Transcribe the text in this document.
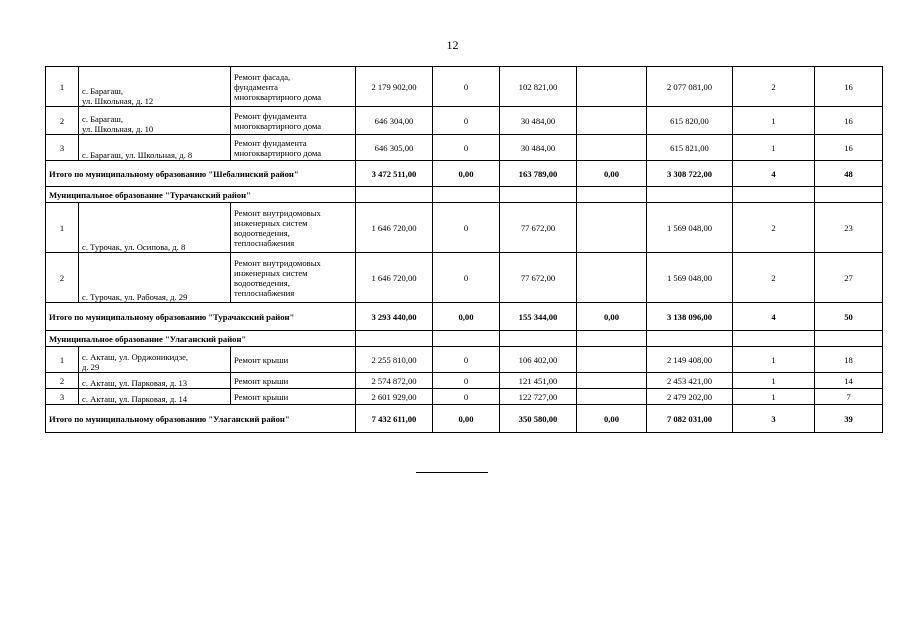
12
1	с. Барагаш,
ул. Школьная, д. 12	Ремонт фасада,
фундамента
многоквартирного дома	2 179 902,00	0	102 821,00		2 077 081,00	2	16
2	с. Барагаш,
ул. Школьная, д. 10	Ремонт фундамента
многоквартирного дома	646 304,00	0	30 484,00		615 820,00	1	16
3	с. Барагаш, ул. Школьная, д. 8	Ремонт фундамента
многоквартирного дома	646 305,00	0	30 484,00		615 821,00	1	16
Итого по муниципальному образованию "Шебалинский район"			3 472 511,00	0,00	163 789,00	0,00	3 308 722,00	4	48
Муниципальное образование "Турачакский район"									
1	с. Турочак, ул. Осипова, д. 8	Ремонт внутридомовых
инженерных систем
водоотведения,
теплоснабжения	1 646 720,00	0	77 672,00		1 569 048,00	2	23
2	с. Турочак, ул. Рабочая, д. 29	Ремонт внутридомовых
инженерных систем
водоотведения,
теплоснабжения	1 646 720,00	0	77 672,00		1 569 048,00	2	27
Итого по муниципальному образованию "Турачакский район"			3 293 440,00	0,00	155 344,00	0,00	3 138 096,00	4	50
Муниципальное образование "Улаганский район"									
1	с. Акташ, ул. Орджоникидзе,
д. 29	Ремонт крыши	2 255 810,00	0	106 402,00		2 149 408,00	1	18
2	с. Акташ, ул. Парковая, д. 13	Ремонт крыши	2 574 872,00	0	121 451,00		2 453 421,00	1	14
3	с. Акташ, ул. Парковая, д. 14	Ремонт крыши	2 601 929,00	0	122 727,00		2 479 202,00	1	7
Итого по муниципальному образованию "Улаганский район"			7 432 611,00	0,00	350 580,00	0,00	7 082 031,00	3	39
